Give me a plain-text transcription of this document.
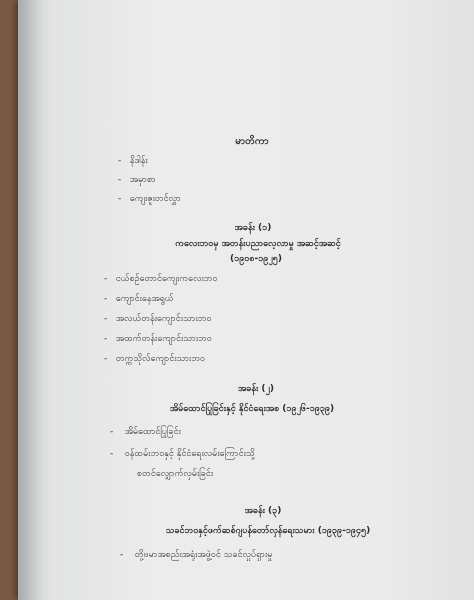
မာတိကာ
-   နိဒါန်း
-   အမှာစာ
-   ကျေးဇူးတင်လွှာ
အခန်း (၁)
ကလေးဘဝမှ အတန်းပညာလေ့လာမှု အဆင့်အဆင့်
(၁၉၀၈-၁၉၂၅)
-   ငယ်စဉ်တောင်ကျေးကလေးဘဝ
-   ကျောင်းနေအရွယ်
-   အလယ်တန်းကျောင်းသားဘဝ
-   အထက်တန်းကျောင်းသားဘဝ
-   တက္ကသိုလ်ကျောင်းသားဘဝ
အခန်း (၂)
အိမ်ထောင်ပြုခြင်းနှင့် နိုင်ငံရေးအစ (၁၉၂၆-၁၉၃၉)
-    အိမ်ထောင်ပြုခြင်း
-    ဝန်ထမ်းဘဝနှင့် နိုင်ငံရေးလမ်းကြောင်းသို့
စတင်လျှောက်လှမ်းခြင်း
အခန်း (၃)
သခင်ဘဝနှင့်ဖက်ဆစ်ဂျပန်တော်လှန်ရေးသမား (၁၉၃၉-၁၉၄၅)
-    တို့ဗမာအစည်းအရုံးအဖွဲ့ဝင် သခင်လှုပ်ရှားမှု
